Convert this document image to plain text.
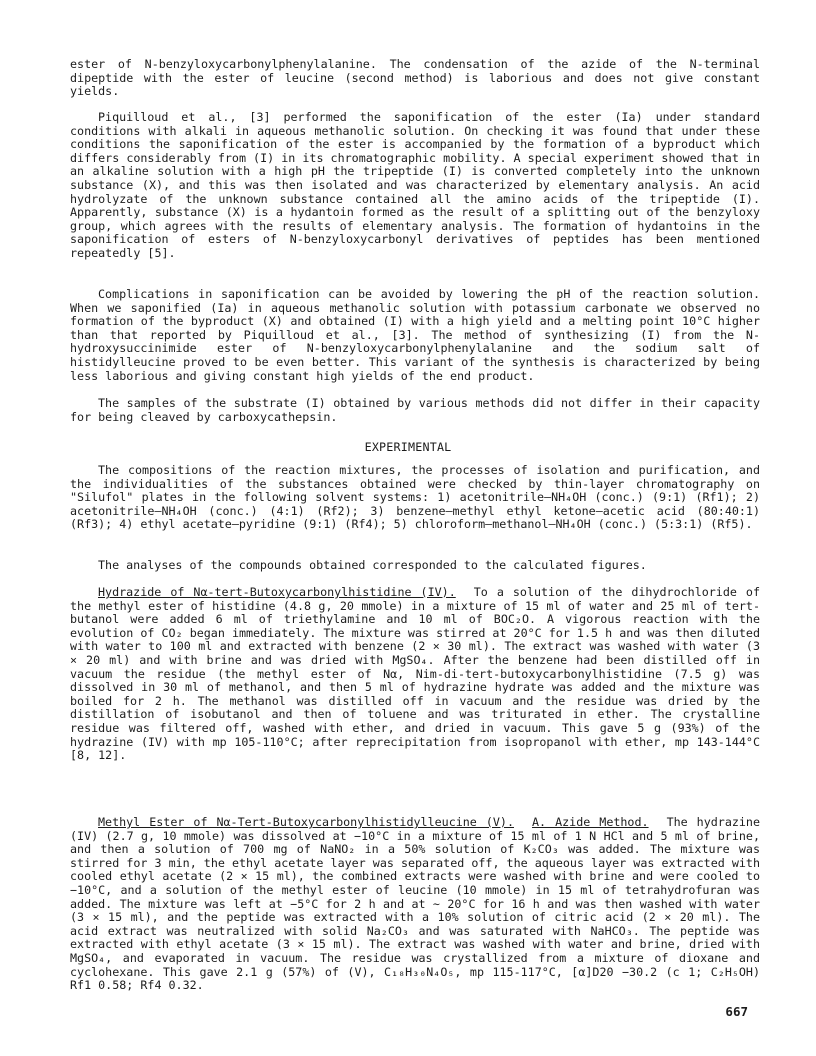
ester of N-benzyloxycarbonylphenylalanine. The condensation of the azide of the N-terminal dipeptide with the ester of leucine (second method) is laborious and does not give constant yields.

Piquilloud et al., [3] performed the saponification of the ester (Ia) under standard conditions with alkali in aqueous methanolic solution. On checking it was found that under these conditions the saponification of the ester is accompanied by the formation of a byproduct which differs considerably from (I) in its chromatographic mobility. A special experiment showed that in an alkaline solution with a high pH the tripeptide (I) is converted completely into the unknown substance (X), and this was then isolated and was characterized by elementary analysis. An acid hydrolyzate of the unknown substance contained all the amino acids of the tripeptide (I). Apparently, substance (X) is a hydantoin formed as the result of a splitting out of the benzyloxy group, which agrees with the results of elementary analysis. The formation of hydantoins in the saponification of esters of N-benzyloxycarbonyl derivatives of peptides has been mentioned repeatedly [5].

Complications in saponification can be avoided by lowering the pH of the reaction solution. When we saponified (Ia) in aqueous methanolic solution with potassium carbonate we observed no formation of the byproduct (X) and obtained (I) with a high yield and a melting point 10°C higher than that reported by Piquilloud et al., [3]. The method of synthesizing (I) from the N-hydroxysuccinimide ester of N-benzyloxycarbonylphenylalanine and the sodium salt of histidylleucine proved to be even better. This variant of the synthesis is characterized by being less laborious and giving constant high yields of the end product.

The samples of the substrate (I) obtained by various methods did not differ in their capacity for being cleaved by carboxycathepsin.

EXPERIMENTAL

The compositions of the reaction mixtures, the processes of isolation and purification, and the individualities of the substances obtained were checked by thin-layer chromatography on "Silufol" plates in the following solvent systems: 1) acetonitrile—NH₄OH (conc.) (9:1) (Rf1); 2) acetonitrile—NH₄OH (conc.) (4:1) (Rf2); 3) benzene—methyl ethyl ketone—acetic acid (80:40:1) (Rf3); 4) ethyl acetate—pyridine (9:1) (Rf4); 5) chloroform—methanol—NH₄OH (conc.) (5:3:1) (Rf5).

The analyses of the compounds obtained corresponded to the calculated figures.

Hydrazide of Nα-tert-Butoxycarbonylhistidine (IV). To a solution of the dihydrochloride of the methyl ester of histidine (4.8 g, 20 mmole) in a mixture of 15 ml of water and 25 ml of tert-butanol were added 6 ml of triethylamine and 10 ml of BOC₂O. A vigorous reaction with the evolution of CO₂ began immediately. The mixture was stirred at 20°C for 1.5 h and was then diluted with water to 100 ml and extracted with benzene (2 × 30 ml). The extract was washed with water (3 × 20 ml) and with brine and was dried with MgSO₄. After the benzene had been distilled off in vacuum the residue (the methyl ester of Nα, Nim-di-tert-butoxycarbonylhistidine (7.5 g) was dissolved in 30 ml of methanol, and then 5 ml of hydrazine hydrate was added and the mixture was boiled for 2 h. The methanol was distilled off in vacuum and the residue was dried by the distillation of isobutanol and then of toluene and was triturated in ether. The crystalline residue was filtered off, washed with ether, and dried in vacuum. This gave 5 g (93%) of the hydrazine (IV) with mp 105-110°C; after reprecipitation from isopropanol with ether, mp 143-144°C [8, 12].

Methyl Ester of Nα-Tert-Butoxycarbonylhistidylleucine (V). A. Azide Method. The hydrazine (IV) (2.7 g, 10 mmole) was dissolved at −10°C in a mixture of 15 ml of 1 N HCl and 5 ml of brine, and then a solution of 700 mg of NaNO₂ in a 50% solution of K₂CO₃ was added. The mixture was stirred for 3 min, the ethyl acetate layer was separated off, the aqueous layer was extracted with cooled ethyl acetate (2 × 15 ml), the combined extracts were washed with brine and were cooled to −10°C, and a solution of the methyl ester of leucine (10 mmole) in 15 ml of tetrahydrofuran was added. The mixture was left at −5°C for 2 h and at ∼ 20°C for 16 h and was then washed with water (3 × 15 ml), and the peptide was extracted with a 10% solution of citric acid (2 × 20 ml). The acid extract was neutralized with solid Na₂CO₃ and was saturated with NaHCO₃. The peptide was extracted with ethyl acetate (3 × 15 ml). The extract was washed with water and brine, dried with MgSO₄, and evaporated in vacuum. The residue was crystallized from a mixture of dioxane and cyclohexane. This gave 2.1 g (57%) of (V), C₁₈H₃₀N₄O₅, mp 115-117°C, [α]D20 −30.2 (c 1; C₂H₅OH) Rf1 0.58; Rf4 0.32.

667
